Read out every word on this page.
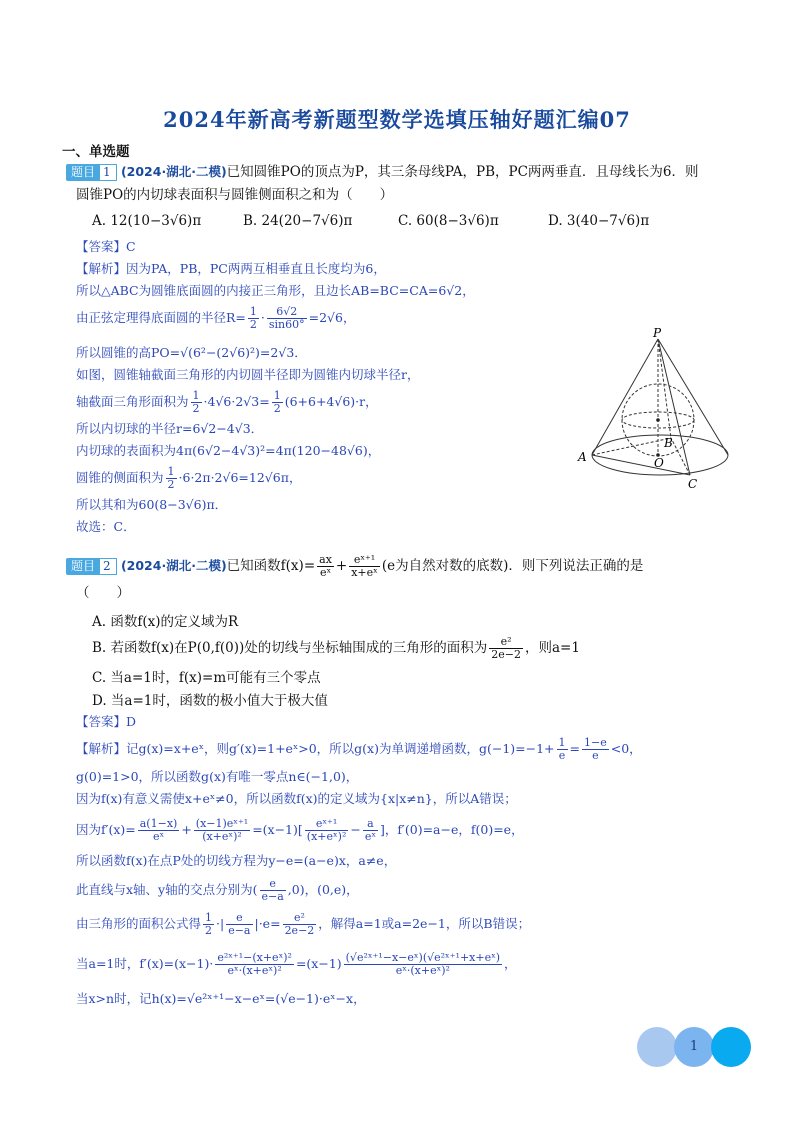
2024年新高考新题型数学选填压轴好题汇编07
一、单选题
题目 1 (2024·湖北·二模)已知圆锥PO的顶点为P，其三条母线PA，PB，PC两两垂直．且母线长为6．则
圆锥PO的内切球表面积与圆锥侧面积之和为（　　）
A. 12(10−3√6)π	B. 24(20−7√6)π	C. 60(8−3√6)π	D. 3(40−7√6)π
【答案】C
【解析】因为PA，PB，PC两两互相垂直且长度均为6，
所以△ABC为圆锥底面圆的内接正三角形，且边长AB=BC=CA=6√2，
由正弦定理得底面圆的半径$R= \frac{1}{2} \cdot \frac{6√2}{\sin 60^\circ} =2√6$，
所以圆锥的高PO=√(6²−(2√6)²)=2√3．
如图，圆锥轴截面三角形的内切圆半径即为圆锥内切球半径r，
轴截面三角形面积为 $\frac{1}{2} \cdot 4√6\cdot 2√3= \frac{1}{2} (6+6+4√6)\cdot r$，
所以内切球的半径r=6√2−4√3．
内切球的表面积为4π(6√2−4√3)²=4π(120−48√6)，
圆锥的侧面积为 $\frac{1}{2} \cdot 6\cdot 2\pi\cdot 2√6=12√6\pi$，
所以其和为60(8−3√6)π．
故选：C．
P
A
B
O
C
题目 2 (2024·湖北·二模)已知函数$f(x)= \frac{ax}{\text{eˣ}} + \frac{\text{eˣ⁺¹}}{\text{x+eˣ}} (e$为自然对数的底数)．则下列说法正确的是
（　　）
A. 函数f(x)的定义域为R
B. 若函数f(x)在P(0,f(0))处的切线与坐标轴围成的三角形的面积为 $\frac{\text{e²}}{2e-2}$ ，则a=1
C. 当a=1时，f(x)=m可能有三个零点
D. 当a=1时，函数的极小值大于极大值
【答案】D
【解析】记g(x)=x+eˣ，则g′(x)=1+eˣ>0，所以g(x)为单调递增函数，$g(-1)=-1+ \frac{1}{e} = \frac{1-e}{e} <0$，
g(0)=1>0，所以函数g(x)有唯一零点n∈(−1,0)，
因为f(x)有意义需使x+eˣ≠0，所以函数f(x)的定义域为{x|x≠n}，所以A错误；
因为$f'(x)= \frac{a(1-x)}{\text{eˣ}} + \frac{\text{(x−1)eˣ⁺¹}}{\text{(x+eˣ)²}} =(x-1)[ \frac{\text{eˣ⁺¹}}{\text{(x+eˣ)²}} - \frac{a}{\text{eˣ}}$ ]，f′(0)=a−e，f(0)=e，
所以函数f(x)在点P处的切线方程为y−e=(a−e)x，a≠e，
此直线与x轴、y轴的交点分别为( $\frac{e}{e-a} ,0$)，(0,e)，
由三角形的面积公式得 $\frac{1}{2}$ ·| $\frac{e}{e-a} |\cdot e= \frac{\text{e²}}{2e-2}$ ，解得a=1或a=2e−1，所以B错误；
当a=1时，$f'(x)=(x-1)\cdot \frac{\text{e²ˣ⁺¹−(x+eˣ)²}}{\text{eˣ·(x+eˣ)²}} =(x-1) \frac{\text{(√e²ˣ⁺¹−x−eˣ)(√e²ˣ⁺¹+x+eˣ)}}{\text{eˣ·(x+eˣ)²}}$ ，
当x>n时，记h(x)=√e²ˣ⁺¹−x−eˣ=(√e−1)·eˣ−x，
1
